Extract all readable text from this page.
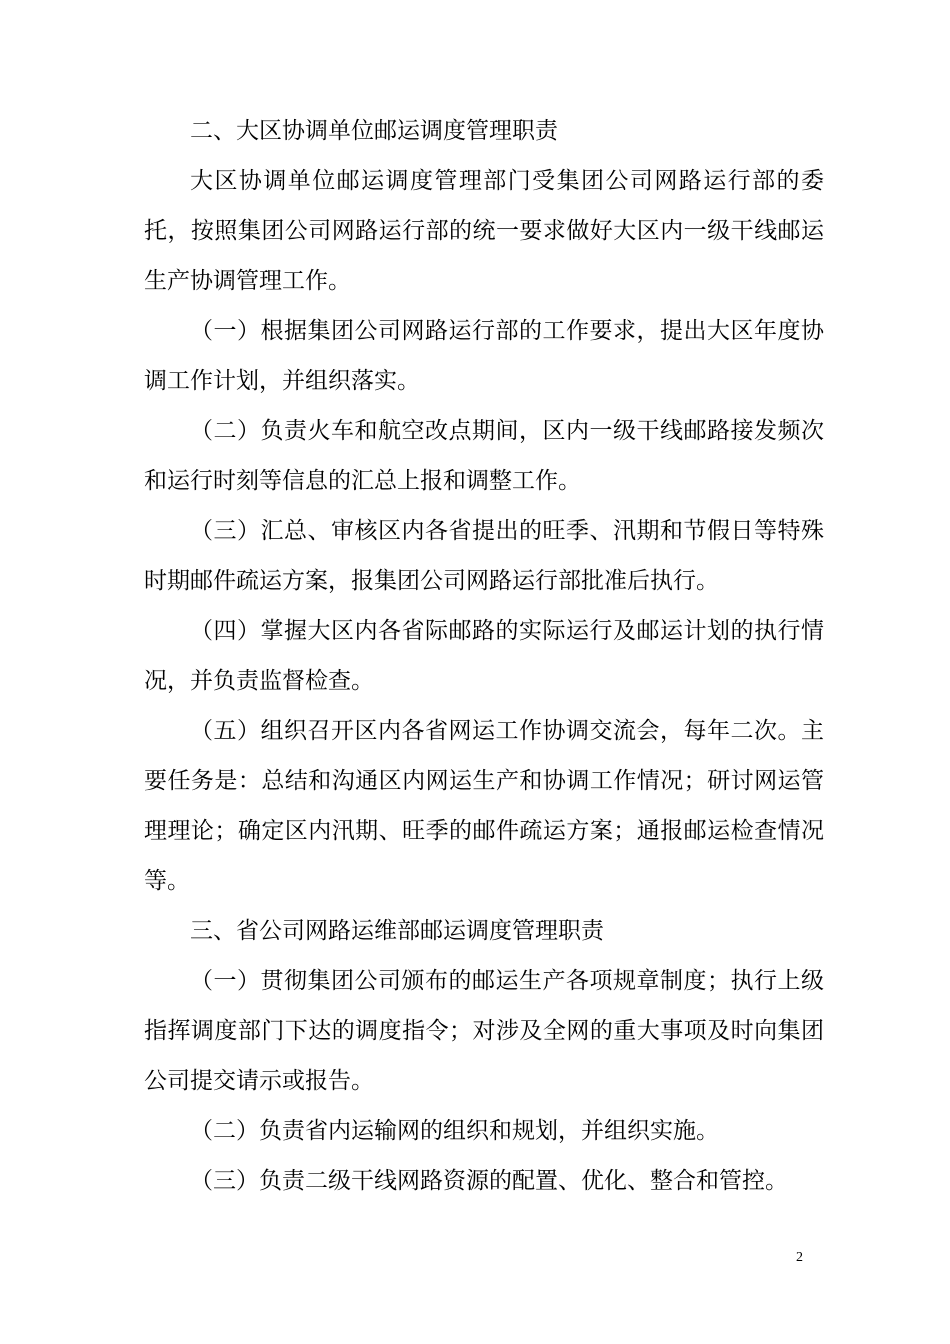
二、大区协调单位邮运调度管理职责

大区协调单位邮运调度管理部门受集团公司网路运行部的委托，按照集团公司网路运行部的统一要求做好大区内一级干线邮运生产协调管理工作。

（一）根据集团公司网路运行部的工作要求，提出大区年度协调工作计划，并组织落实。

（二）负责火车和航空改点期间，区内一级干线邮路接发频次和运行时刻等信息的汇总上报和调整工作。

（三）汇总、审核区内各省提出的旺季、汛期和节假日等特殊时期邮件疏运方案，报集团公司网路运行部批准后执行。

（四）掌握大区内各省际邮路的实际运行及邮运计划的执行情况，并负责监督检查。

（五）组织召开区内各省网运工作协调交流会，每年二次。主要任务是：总结和沟通区内网运生产和协调工作情况；研讨网运管理理论；确定区内汛期、旺季的邮件疏运方案；通报邮运检查情况等。

三、省公司网路运维部邮运调度管理职责

（一）贯彻集团公司颁布的邮运生产各项规章制度；执行上级指挥调度部门下达的调度指令；对涉及全网的重大事项及时向集团公司提交请示或报告。

（二）负责省内运输网的组织和规划，并组织实施。

（三）负责二级干线网路资源的配置、优化、整合和管控。

2
